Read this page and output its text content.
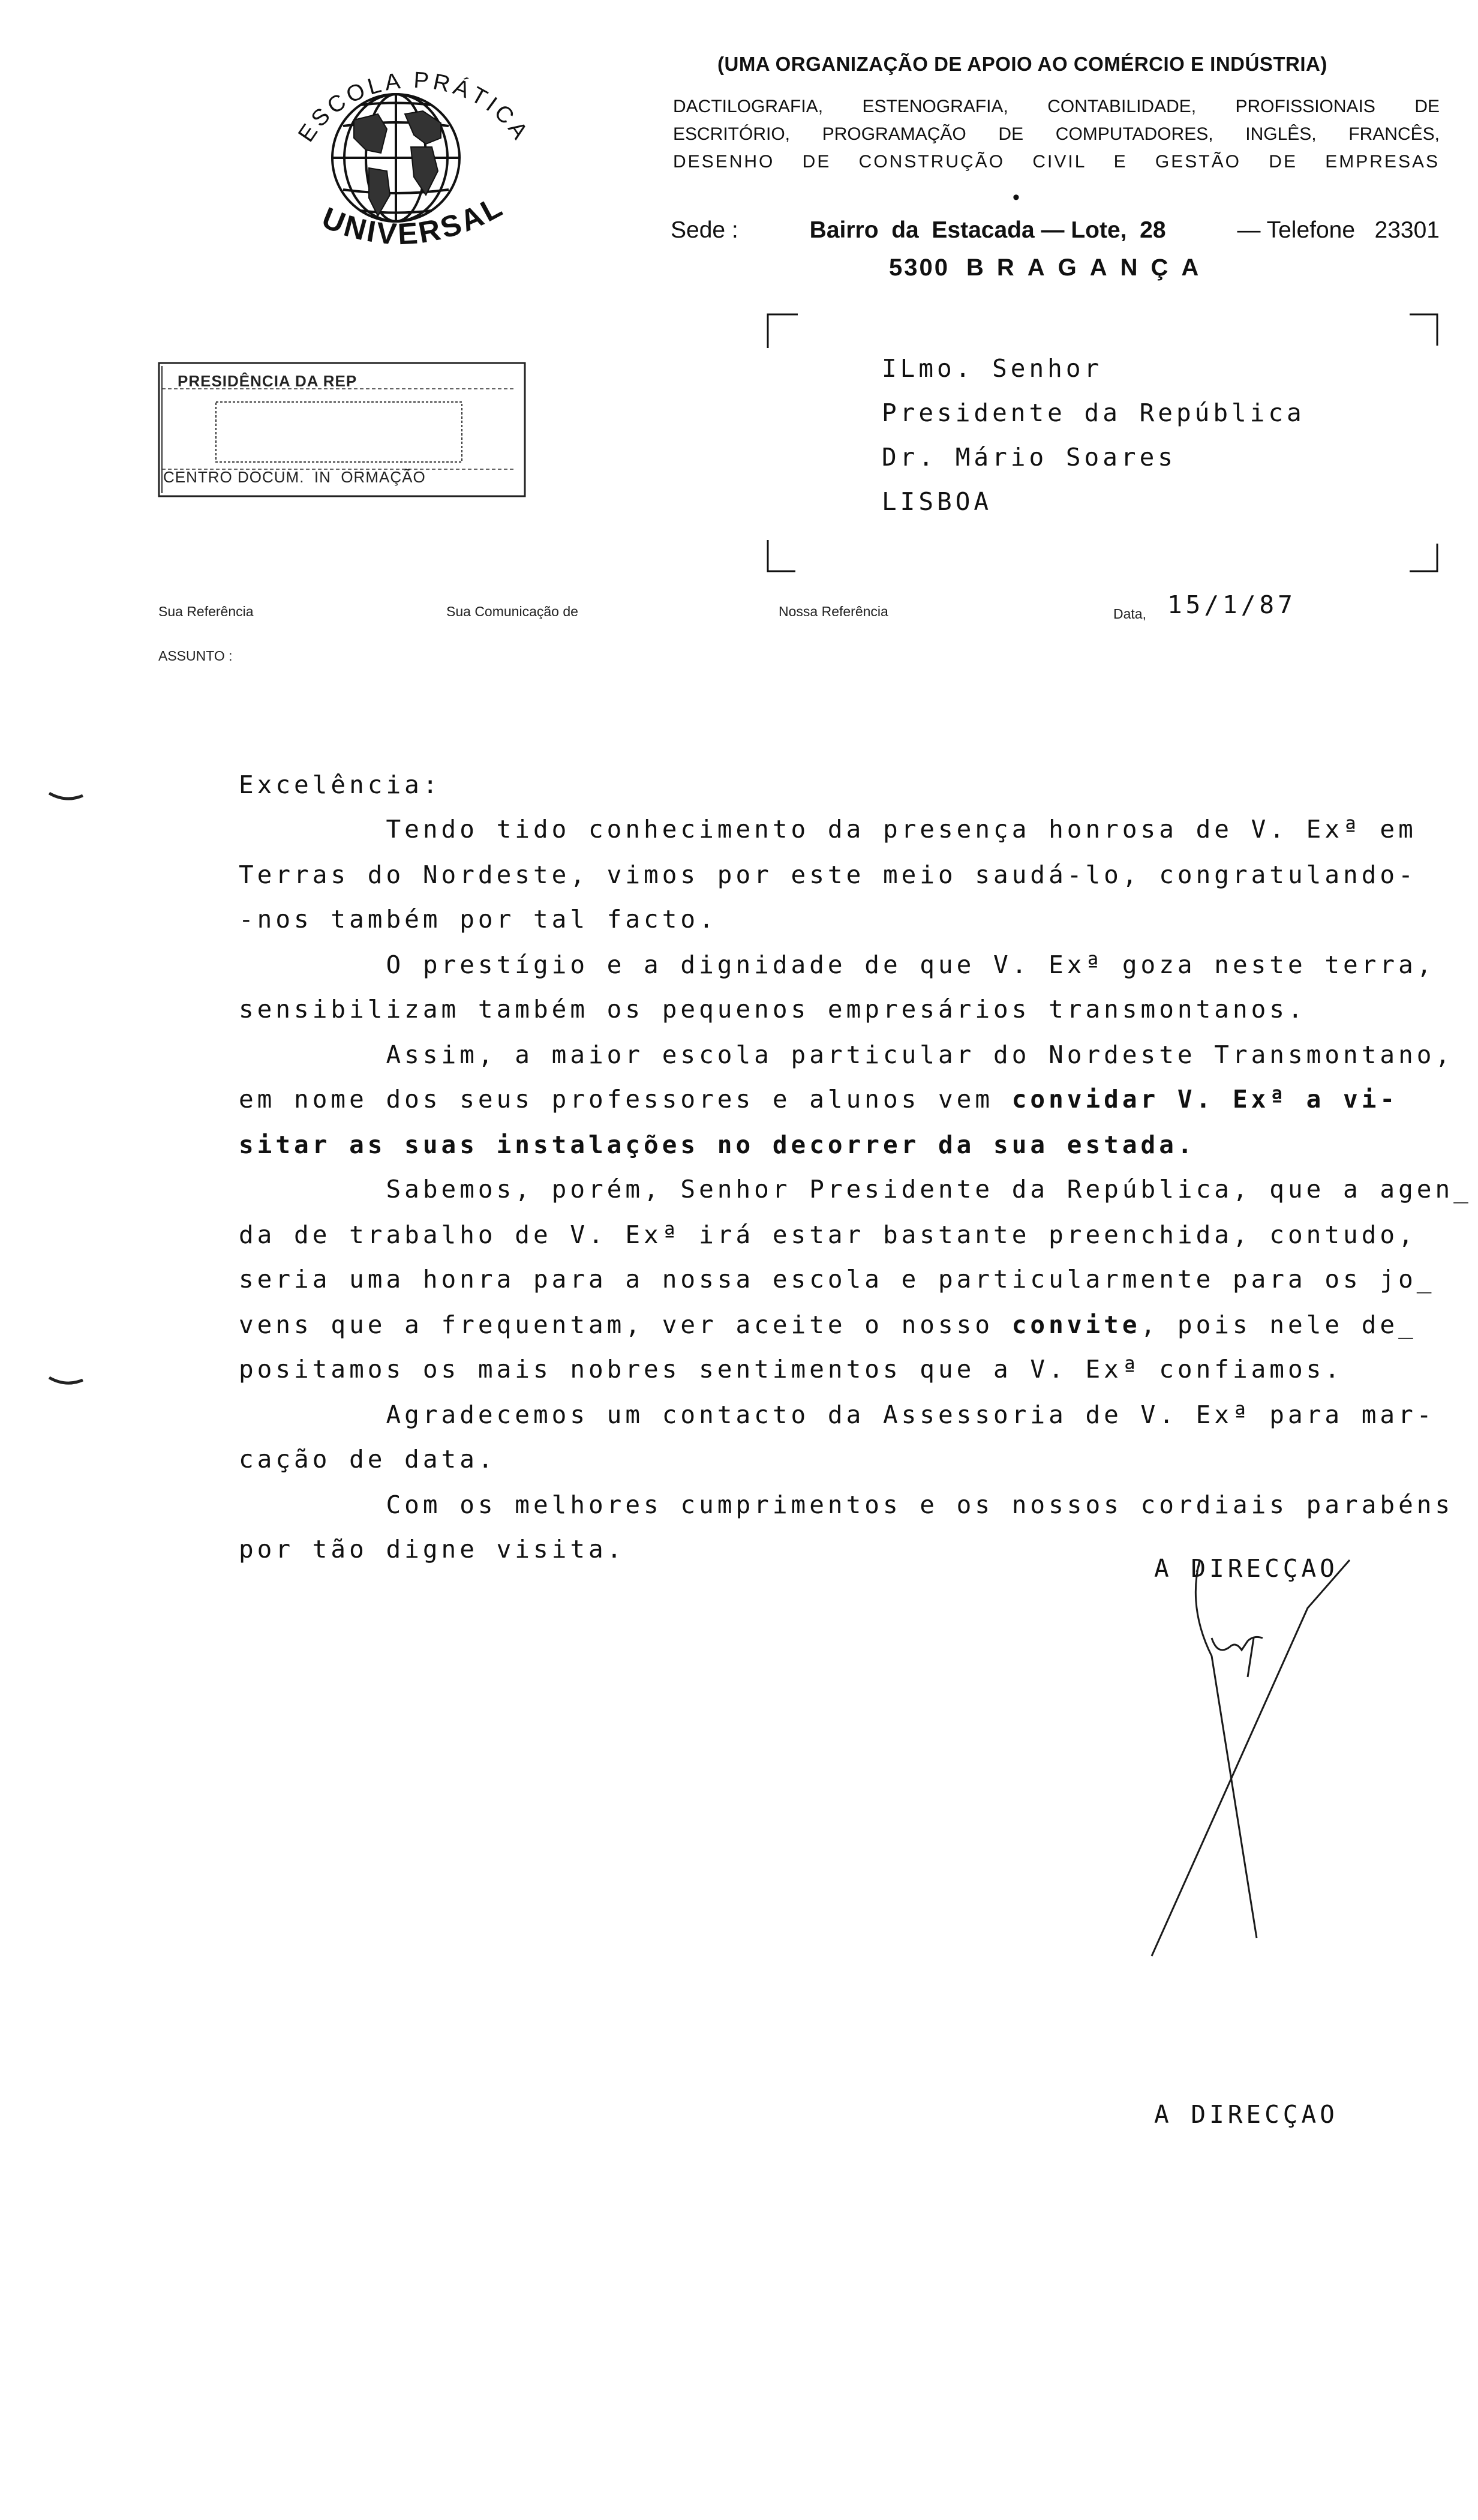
ESCOLA PRÁTICA
UNIVERSAL
(UMA ORGANIZAÇÃO DE APOIO AO COMÉRCIO E INDÚSTRIA)
DACTILOGRAFIA, ESTENOGRAFIA, CONTABILIDADE, PROFISSIONAIS DE
ESCRITÓRIO, PROGRAMAÇÃO DE COMPUTADORES, INGLÊS, FRANCÊS,
DESENHO DE CONSTRUÇÃO CIVIL E GESTÃO DE EMPRESAS
•
Sede :	Bairro  da  Estacada — Lote,  28	— Telefone   23301
5300 BRAGANÇA
PRESIDÊNCIA DA REP
CENTRO DOCUM.  IN  ORMAÇÃO
ILmo. Senhor
Presidente da República
Dr. Mário Soares
LISBOA
Sua Referência	Sua Comunicação de	Nossa Referência	Data, 15/1/87
ASSUNTO :
Excelência:
Tendo tido conhecimento da presença honrosa de V. Exª em
Terras do Nordeste, vimos por este meio saudá-lo, congratulando-
-nos também por tal facto.
O prestígio e a dignidade de que V. Exª goza neste terra,
sensibilizam também os pequenos empresários transmontanos.
Assim, a maior escola particular do Nordeste Transmontano,
em nome dos seus professores e alunos vem convidar V. Exª a vi-
sitar as suas instalações no decorrer da sua estada.
Sabemos, porém, Senhor Presidente da República, que a agen_
da de trabalho de V. Exª irá estar bastante preenchida, contudo,
seria uma honra para a nossa escola e particularmente para os jo_
vens que a frequentam, ver aceite o nosso convite, pois nele de_
positamos os mais nobres sentimentos que a V. Exª confiamos.
Agradecemos um contacto da Assessoria de V. Exª para mar-
cação de data.
Com os melhores cumprimentos e os nossos cordiais parabéns
por tão digne visita.
A DIRECÇAO
A DIRECÇAO
